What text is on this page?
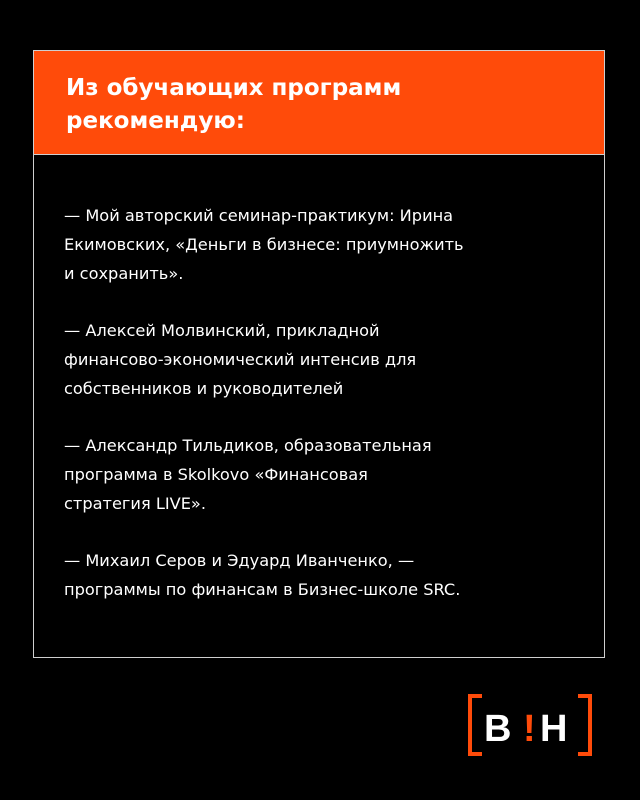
Из обучающих программ
рекомендую:

— Мой авторский семинар-практикум: Ирина
Екимовских, «Деньги в бизнесе: приумножить
и сохранить».

— Алексей Молвинский, прикладной
финансово-экономический интенсив для
собственников и руководителей

— Александр Тильдиков, образовательная
программа в Skolkovo «Финансовая
стратегия LIVE».

— Михаил Серов и Эдуард Иванченко, —
программы по финансам в Бизнес-школе SRC.

B ! H
